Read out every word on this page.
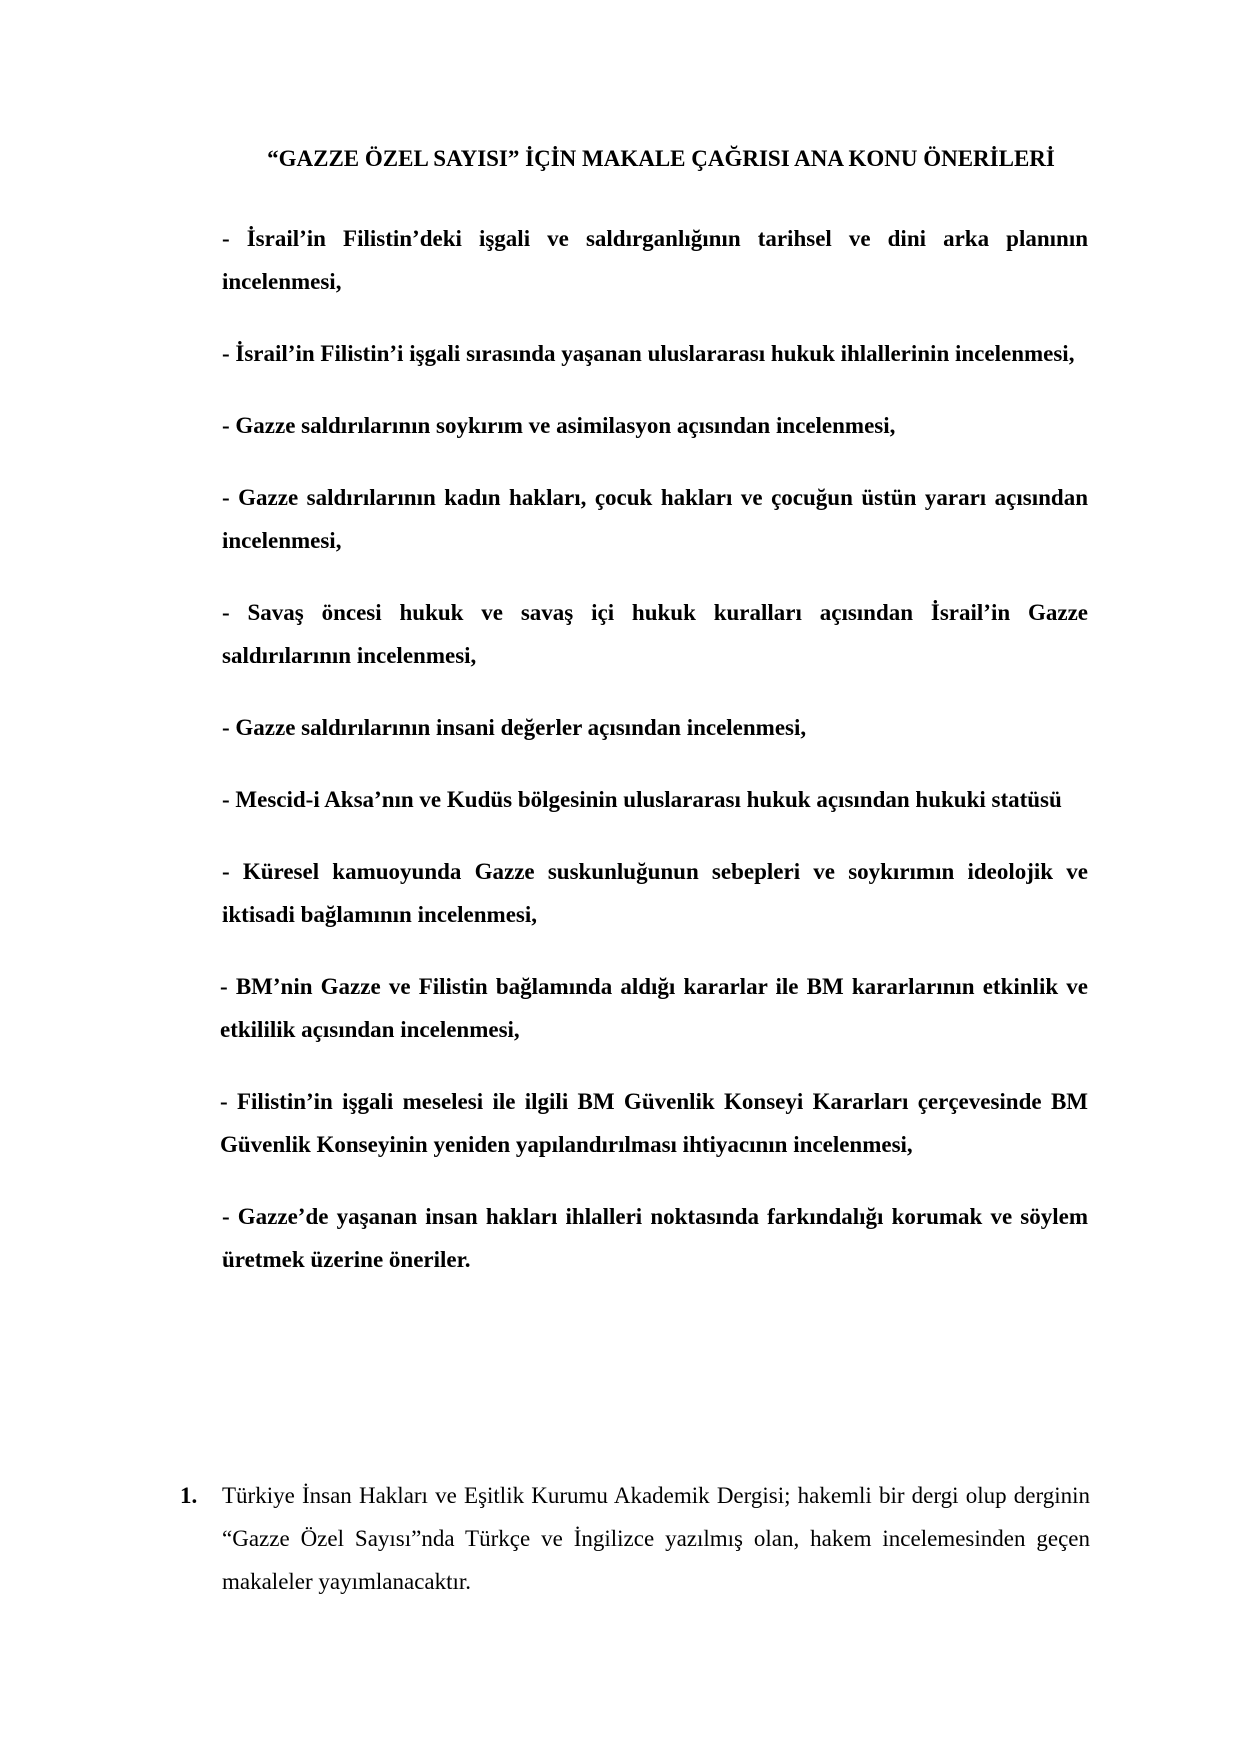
“GAZZE ÖZEL SAYISI” İÇİN MAKALE ÇAĞRISI ANA KONU ÖNERİLERİ
- İsrail’in Filistin’deki işgali ve saldırganlığının tarihsel ve dini arka planının incelenmesi,
- İsrail’in Filistin’i işgali sırasında yaşanan uluslararası hukuk ihlallerinin incelenmesi,
- Gazze saldırılarının soykırım ve asimilasyon açısından incelenmesi,
- Gazze saldırılarının kadın hakları, çocuk hakları ve çocuğun üstün yararı açısından incelenmesi,
- Savaş öncesi hukuk ve savaş içi hukuk kuralları açısından İsrail’in Gazze saldırılarının incelenmesi,
- Gazze saldırılarının insani değerler açısından incelenmesi,
- Mescid-i Aksa’nın ve Kudüs bölgesinin uluslararası hukuk açısından hukuki statüsü
- Küresel kamuoyunda Gazze suskunluğunun sebepleri ve soykırımın ideolojik ve iktisadi bağlamının incelenmesi,
- BM’nin Gazze ve Filistin bağlamında aldığı kararlar ile BM kararlarının etkinlik ve etkililik açısından incelenmesi,
- Filistin’in işgali meselesi ile ilgili BM Güvenlik Konseyi Kararları çerçevesinde BM Güvenlik Konseyinin yeniden yapılandırılması ihtiyacının incelenmesi,
- Gazze’de yaşanan insan hakları ihlalleri noktasında farkındalığı korumak ve söylem üretmek üzerine öneriler.
1. Türkiye İnsan Hakları ve Eşitlik Kurumu Akademik Dergisi; hakemli bir dergi olup derginin “Gazze Özel Sayısı”nda Türkçe ve İngilizce yazılmış olan, hakem incelemesinden geçen makaleler yayımlanacaktır.
